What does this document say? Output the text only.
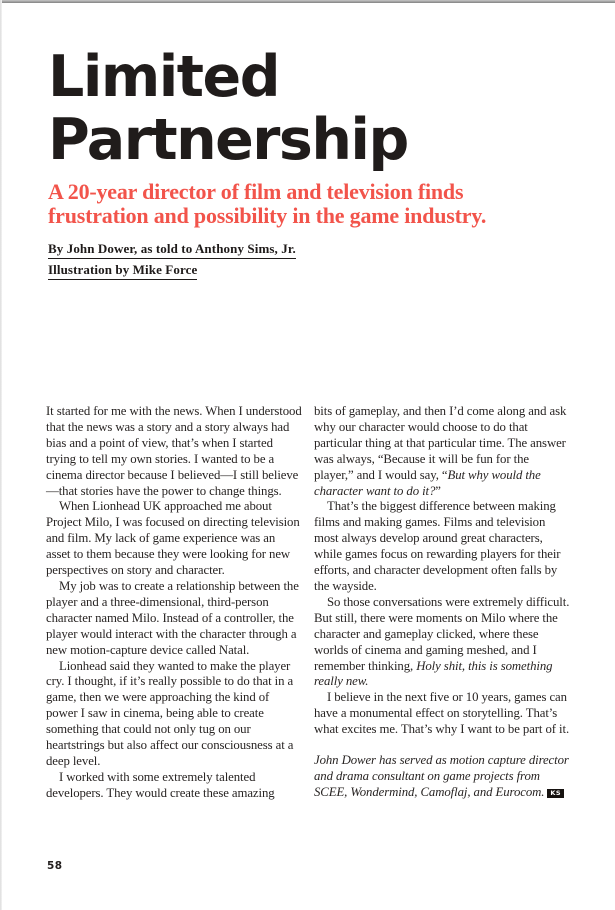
Limited
Partnership
A 20-year director of film and television finds
frustration and possibility in the game industry.
By John Dower, as told to Anthony Sims, Jr.
Illustration by Mike Force

It started for me with the news. When I understood that the news was a story and a story always had bias and a point of view, that’s when I started trying to tell my own stories. I wanted to be a cinema director because I believed—I still believe—that stories have the power to change things.

When Lionhead UK approached me about Project Milo, I was focused on directing television and film. My lack of game experience was an asset to them because they were looking for new perspectives on story and character.

My job was to create a relationship between the player and a three-dimensional, third-person character named Milo. Instead of a controller, the player would interact with the character through a new motion-capture device called Natal.

Lionhead said they wanted to make the player cry. I thought, if it’s really possible to do that in a game, then we were approaching the kind of power I saw in cinema, being able to create something that could not only tug on our heartstrings but also affect our consciousness at a deep level.

I worked with some extremely talented developers. They would create these amazing

bits of gameplay, and then I’d come along and ask why our character would choose to do that particular thing at that particular time. The answer was always, “Because it will be fun for the player,” and I would say, “But why would the character want to do it?”

That’s the biggest difference between making films and making games. Films and television most always develop around great characters, while games focus on rewarding players for their efforts, and character development often falls by the wayside.

So those conversations were extremely difficult. But still, there were moments on Milo where the character and gameplay clicked, where these worlds of cinema and gaming meshed, and I remember thinking, Holy shit, this is something really new.

I believe in the next five or 10 years, games can have a monumental effect on storytelling. That’s what excites me. That’s why I want to be part of it.

John Dower has served as motion capture director and drama consultant on game projects from SCEE, Wondermind, Camoflaj, and Eurocom. KS

58
